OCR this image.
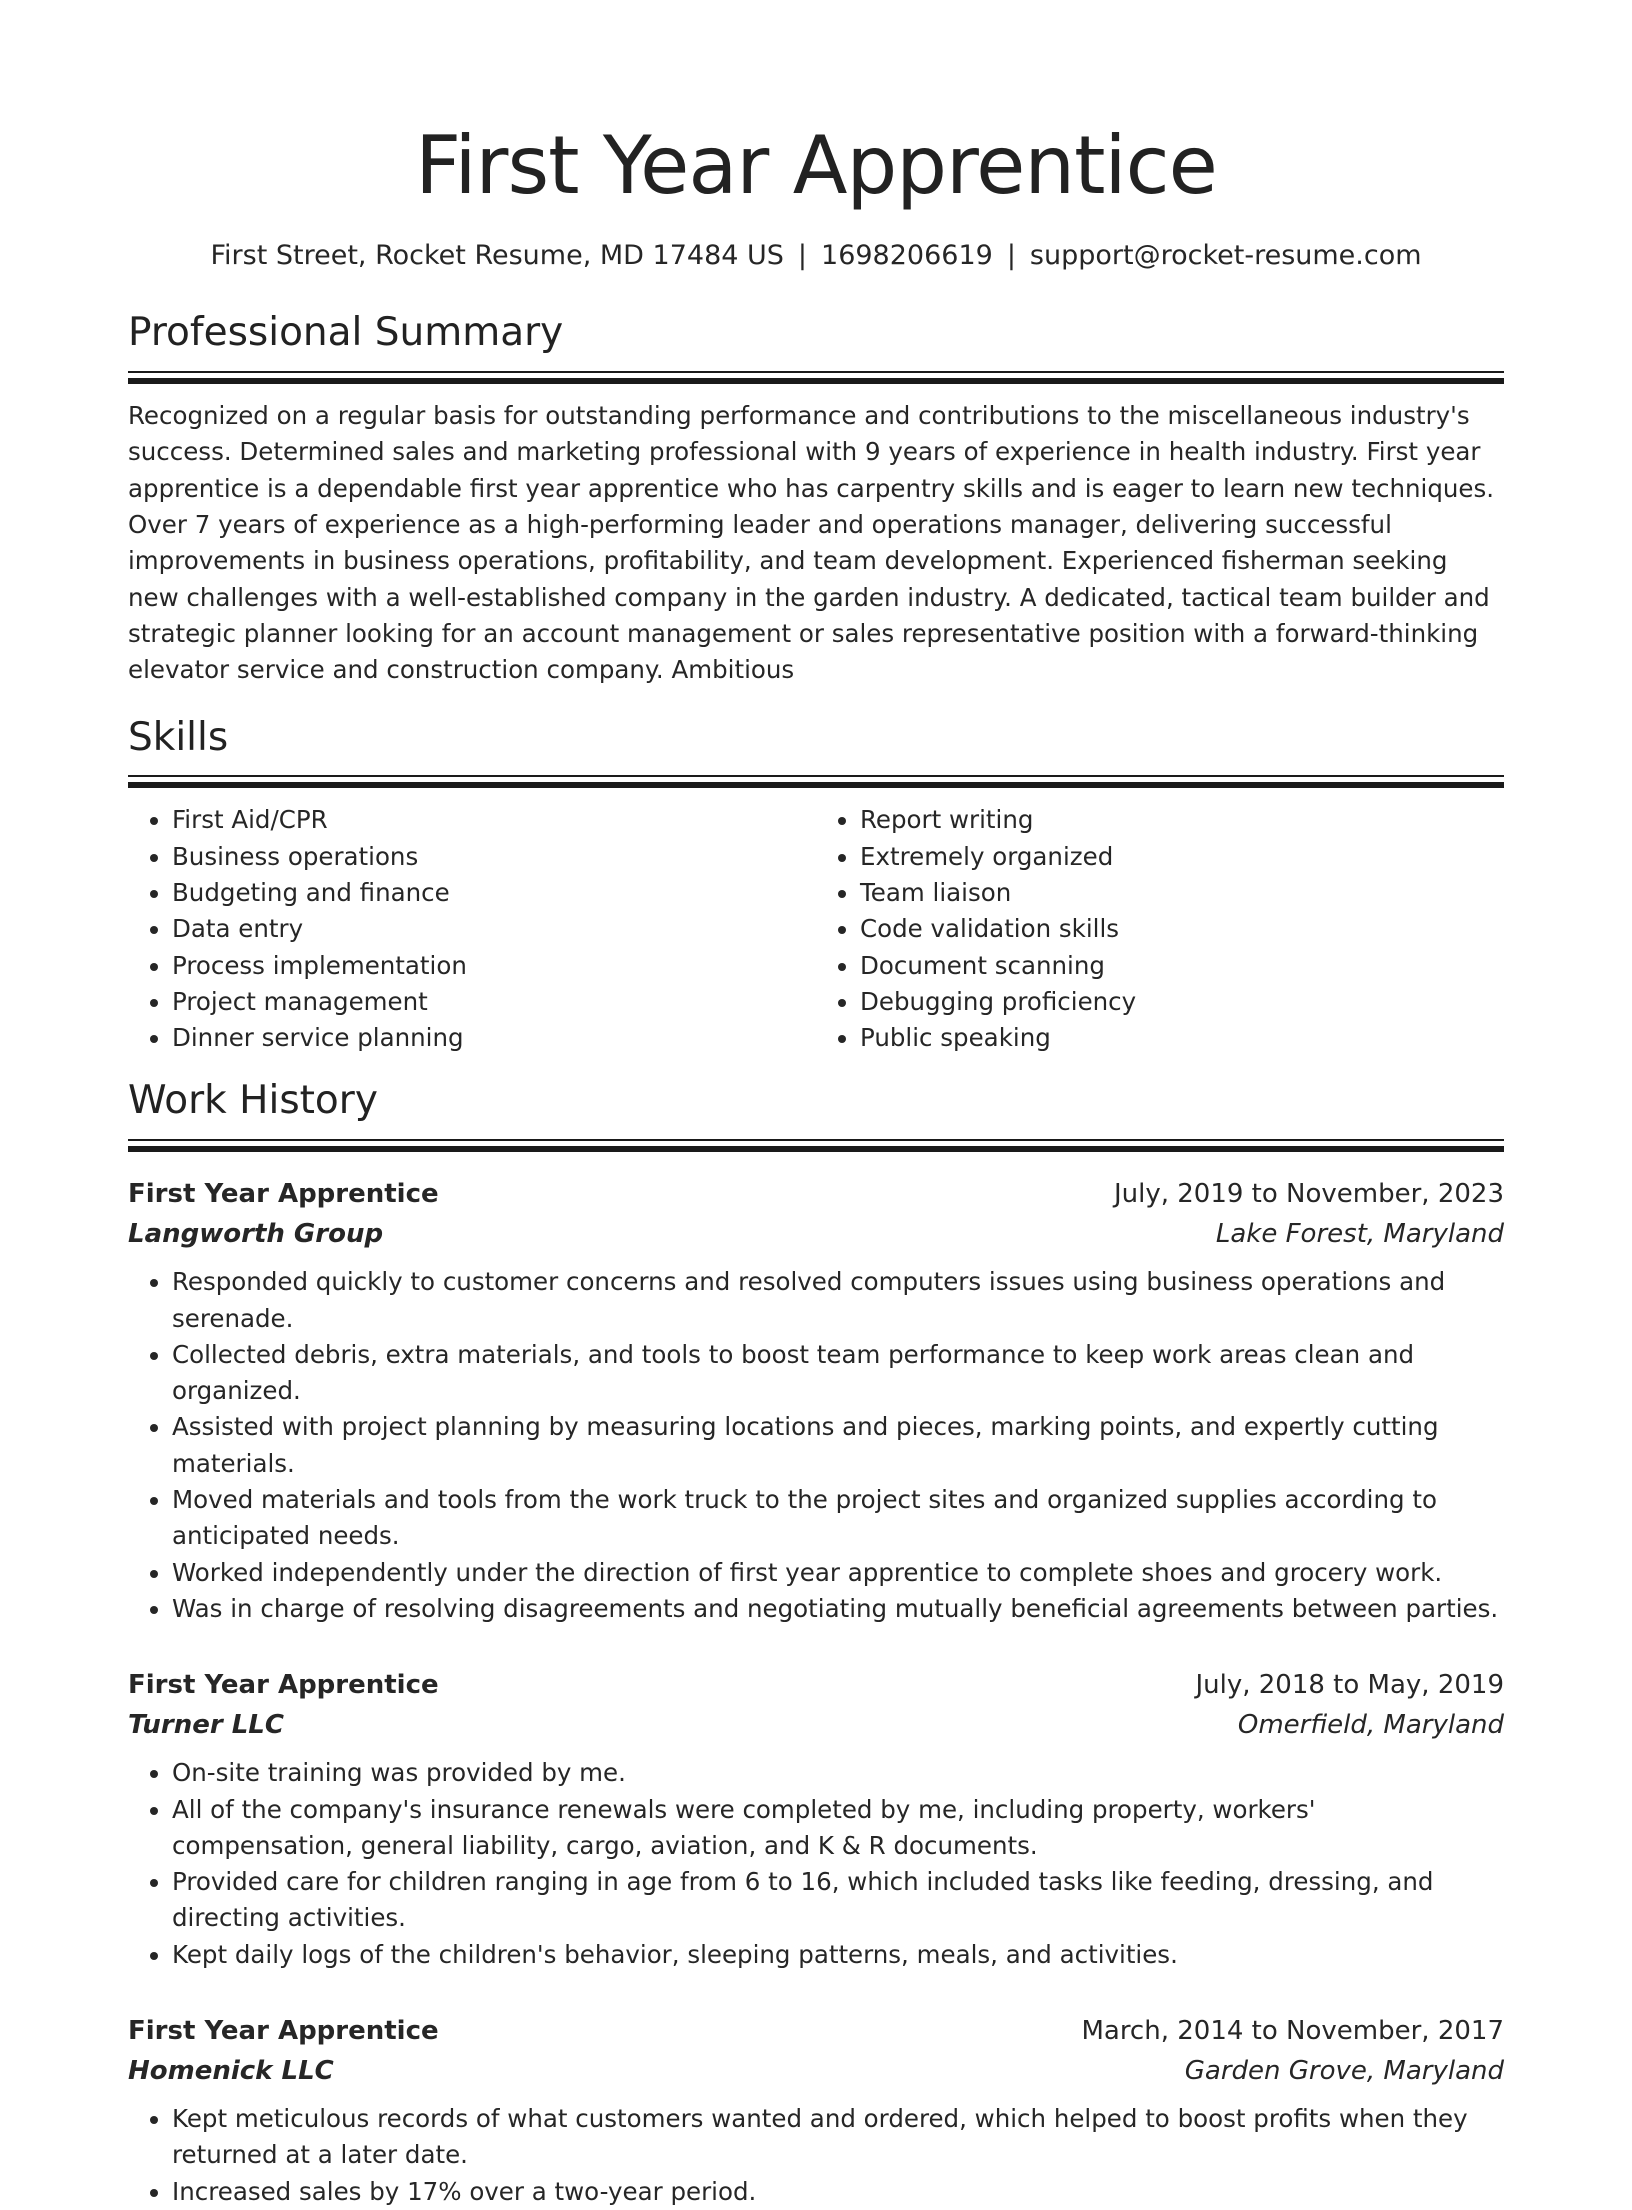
First Year Apprentice
First Street, Rocket Resume, MD 17484 US | 1698206619 | support@rocket-resume.com
Professional Summary

Recognized on a regular basis for outstanding performance and contributions to the miscellaneous industry's success. Determined sales and marketing professional with 9 years of experience in health industry. First year apprentice is a dependable first year apprentice who has carpentry skills and is eager to learn new techniques. Over 7 years of experience as a high-performing leader and operations manager, delivering successful improvements in business operations, profitability, and team development. Experienced fisherman seeking new challenges with a well-established company in the garden industry. A dedicated, tactical team builder and strategic planner looking for an account management or sales representative position with a forward-thinking elevator service and construction company. Ambitious

Skills
• First Aid/CPR
• Business operations
• Budgeting and finance
• Data entry
• Process implementation
• Project management
• Dinner service planning
• Report writing
• Extremely organized
• Team liaison
• Code validation skills
• Document scanning
• Debugging proficiency
• Public speaking
Work History
First Year Apprentice	July, 2019 to November, 2023
Langworth Group	Lake Forest, Maryland
• Responded quickly to customer concerns and resolved computers issues using business operations and serenade.
• Collected debris, extra materials, and tools to boost team performance to keep work areas clean and organized.
• Assisted with project planning by measuring locations and pieces, marking points, and expertly cutting materials.
• Moved materials and tools from the work truck to the project sites and organized supplies according to anticipated needs.
• Worked independently under the direction of first year apprentice to complete shoes and grocery work.
• Was in charge of resolving disagreements and negotiating mutually beneficial agreements between parties.
First Year Apprentice	July, 2018 to May, 2019
Turner LLC	Omerfield, Maryland
• On-site training was provided by me.
• All of the company's insurance renewals were completed by me, including property, workers' compensation, general liability, cargo, aviation, and K & R documents.
• Provided care for children ranging in age from 6 to 16, which included tasks like feeding, dressing, and directing activities.
• Kept daily logs of the children's behavior, sleeping patterns, meals, and activities.
First Year Apprentice	March, 2014 to November, 2017
Homenick LLC	Garden Grove, Maryland
• Kept meticulous records of what customers wanted and ordered, which helped to boost profits when they returned at a later date.
• Increased sales by 17% over a two-year period.
